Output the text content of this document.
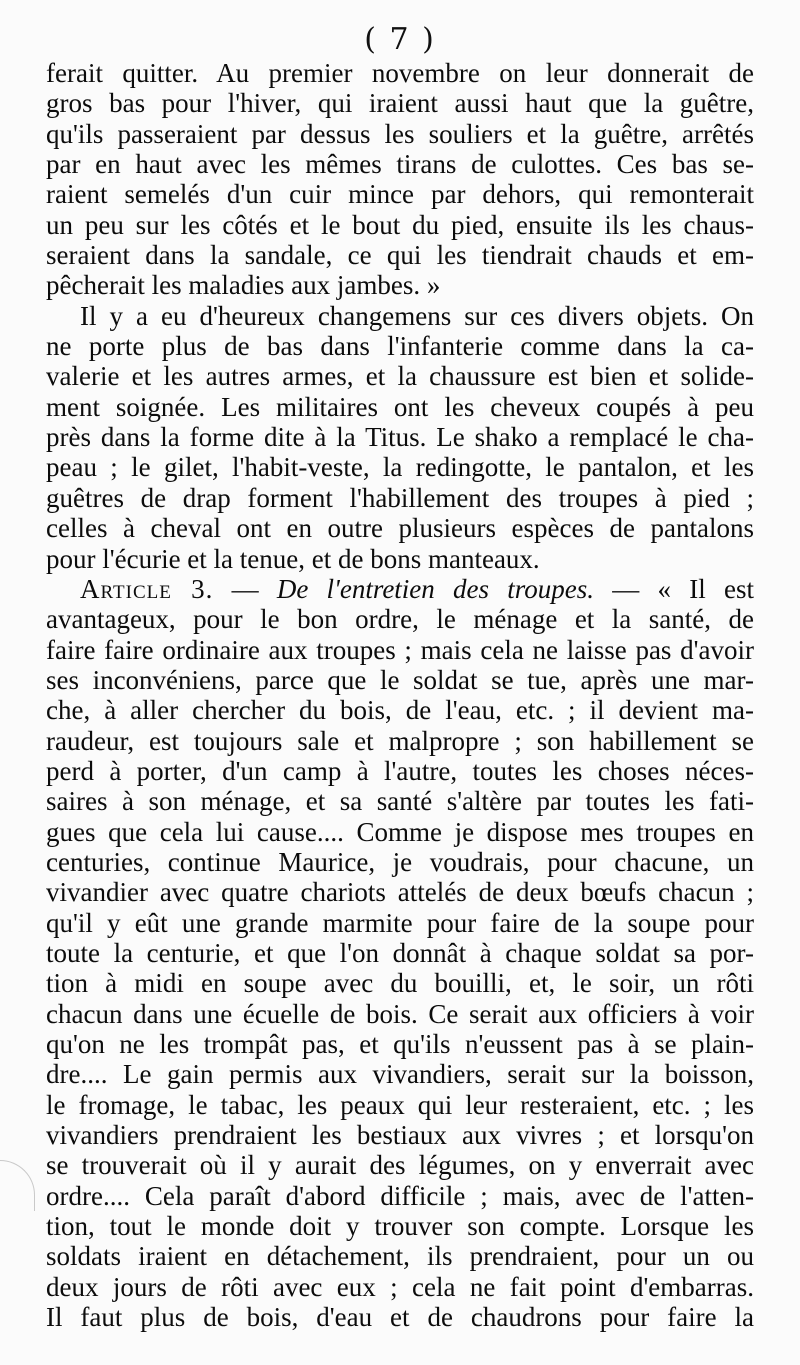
( 7 )
ferait quitter. Au premier novembre on leur donnerait de
gros bas pour l'hiver, qui iraient aussi haut que la guêtre,
qu'ils passeraient par dessus les souliers et la guêtre, arrêtés
par en haut avec les mêmes tirans de culottes. Ces bas se-
raient semelés d'un cuir mince par dehors, qui remonterait
un peu sur les côtés et le bout du pied, ensuite ils les chaus-
seraient dans la sandale, ce qui les tiendrait chauds et em-
pêcherait les maladies aux jambes. »
Il y a eu d'heureux changemens sur ces divers objets. On
ne porte plus de bas dans l'infanterie comme dans la ca-
valerie et les autres armes, et la chaussure est bien et solide-
ment soignée. Les militaires ont les cheveux coupés à peu
près dans la forme dite à la Titus. Le shako a remplacé le cha-
peau ; le gilet, l'habit-veste, la redingotte, le pantalon, et les
guêtres de drap forment l'habillement des troupes à pied ;
celles à cheval ont en outre plusieurs espèces de pantalons
pour l'écurie et la tenue, et de bons manteaux.
Article 3. — De l'entretien des troupes. — « Il est
avantageux, pour le bon ordre, le ménage et la santé, de
faire faire ordinaire aux troupes ; mais cela ne laisse pas d'avoir
ses inconvéniens, parce que le soldat se tue, après une mar-
che, à aller chercher du bois, de l'eau, etc. ; il devient ma-
raudeur, est toujours sale et malpropre ; son habillement se
perd à porter, d'un camp à l'autre, toutes les choses néces-
saires à son ménage, et sa santé s'altère par toutes les fati-
gues que cela lui cause.... Comme je dispose mes troupes en
centuries, continue Maurice, je voudrais, pour chacune, un
vivandier avec quatre chariots attelés de deux bœufs chacun ;
qu'il y eût une grande marmite pour faire de la soupe pour
toute la centurie, et que l'on donnât à chaque soldat sa por-
tion à midi en soupe avec du bouilli, et, le soir, un rôti
chacun dans une écuelle de bois. Ce serait aux officiers à voir
qu'on ne les trompât pas, et qu'ils n'eussent pas à se plain-
dre.... Le gain permis aux vivandiers, serait sur la boisson,
le fromage, le tabac, les peaux qui leur resteraient, etc. ; les
vivandiers prendraient les bestiaux aux vivres ; et lorsqu'on
se trouverait où il y aurait des légumes, on y enverrait avec
ordre.... Cela paraît d'abord difficile ; mais, avec de l'atten-
tion, tout le monde doit y trouver son compte. Lorsque les
soldats iraient en détachement, ils prendraient, pour un ou
deux jours de rôti avec eux ; cela ne fait point d'embarras.
Il faut plus de bois, d'eau et de chaudrons pour faire la
